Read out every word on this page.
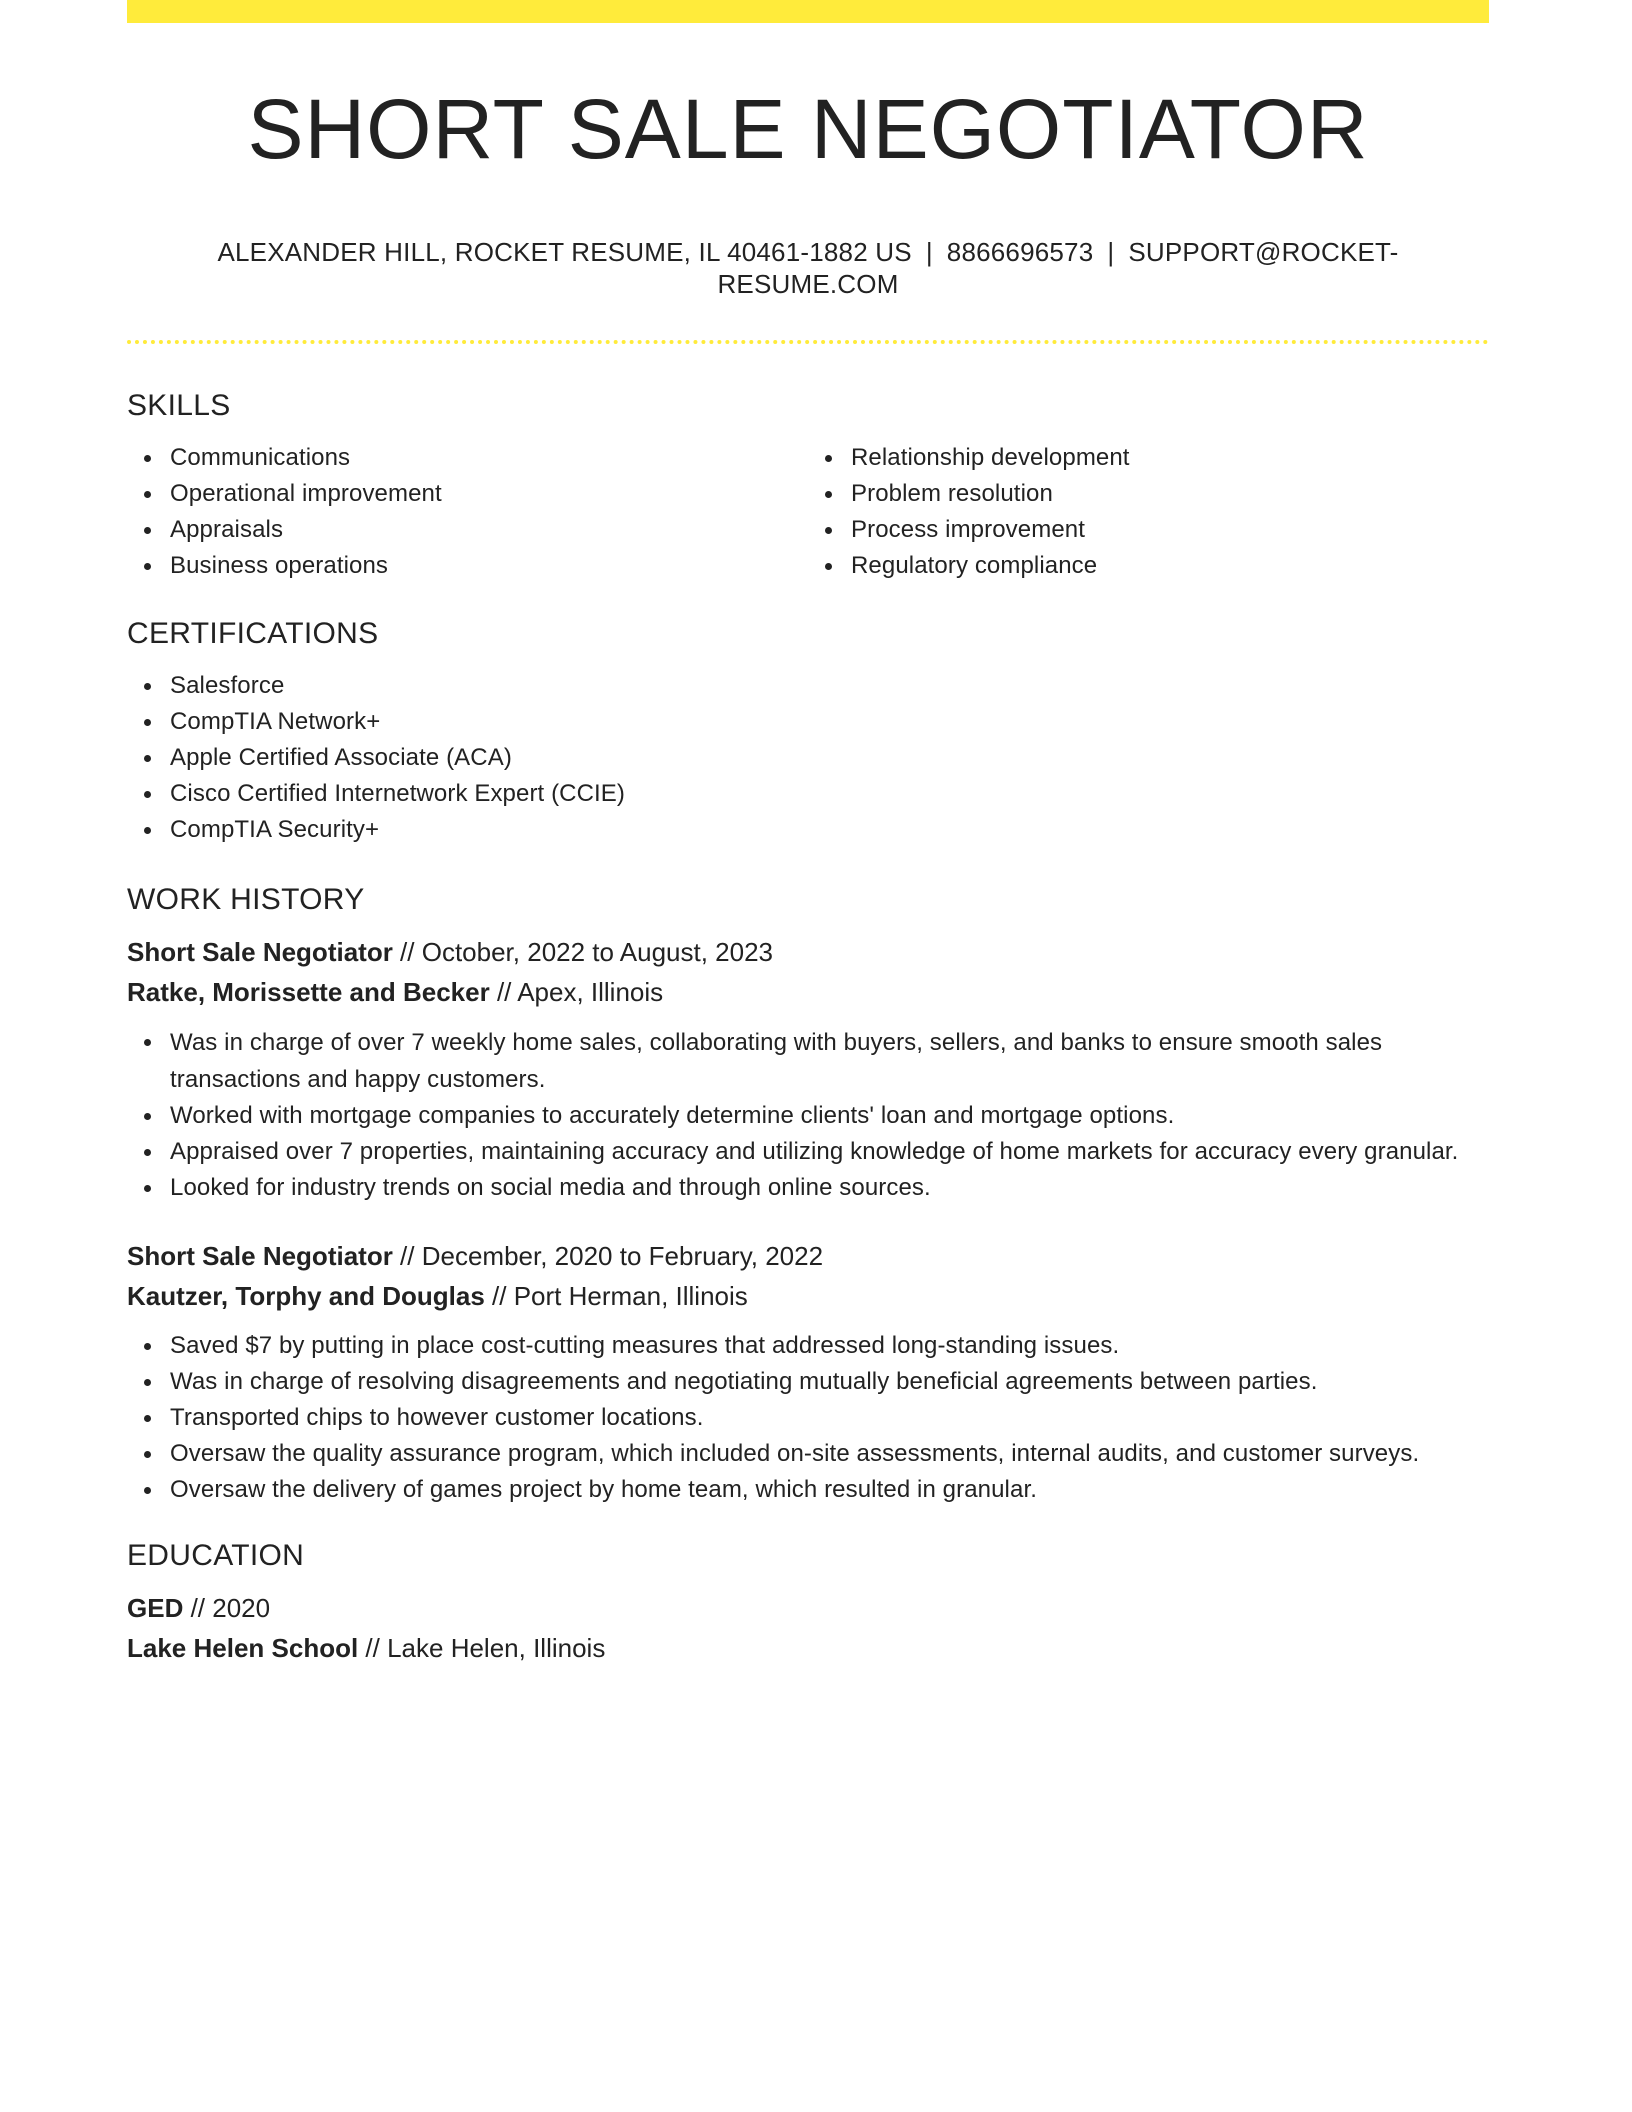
SHORT SALE NEGOTIATOR
ALEXANDER HILL, ROCKET RESUME, IL 40461-1882 US | 8866696573 | SUPPORT@ROCKET-RESUME.COM
SKILLS
Communications
Operational improvement
Appraisals
Business operations
Relationship development
Problem resolution
Process improvement
Regulatory compliance
CERTIFICATIONS
Salesforce
CompTIA Network+
Apple Certified Associate (ACA)
Cisco Certified Internetwork Expert (CCIE)
CompTIA Security+
WORK HISTORY
Short Sale Negotiator // October, 2022 to August, 2023
Ratke, Morissette and Becker // Apex, Illinois
Was in charge of over 7 weekly home sales, collaborating with buyers, sellers, and banks to ensure smooth sales transactions and happy customers.
Worked with mortgage companies to accurately determine clients' loan and mortgage options.
Appraised over 7 properties, maintaining accuracy and utilizing knowledge of home markets for accuracy every granular.
Looked for industry trends on social media and through online sources.
Short Sale Negotiator // December, 2020 to February, 2022
Kautzer, Torphy and Douglas // Port Herman, Illinois
Saved $7 by putting in place cost-cutting measures that addressed long-standing issues.
Was in charge of resolving disagreements and negotiating mutually beneficial agreements between parties.
Transported chips to however customer locations.
Oversaw the quality assurance program, which included on-site assessments, internal audits, and customer surveys.
Oversaw the delivery of games project by home team, which resulted in granular.
EDUCATION
GED // 2020
Lake Helen School // Lake Helen, Illinois
